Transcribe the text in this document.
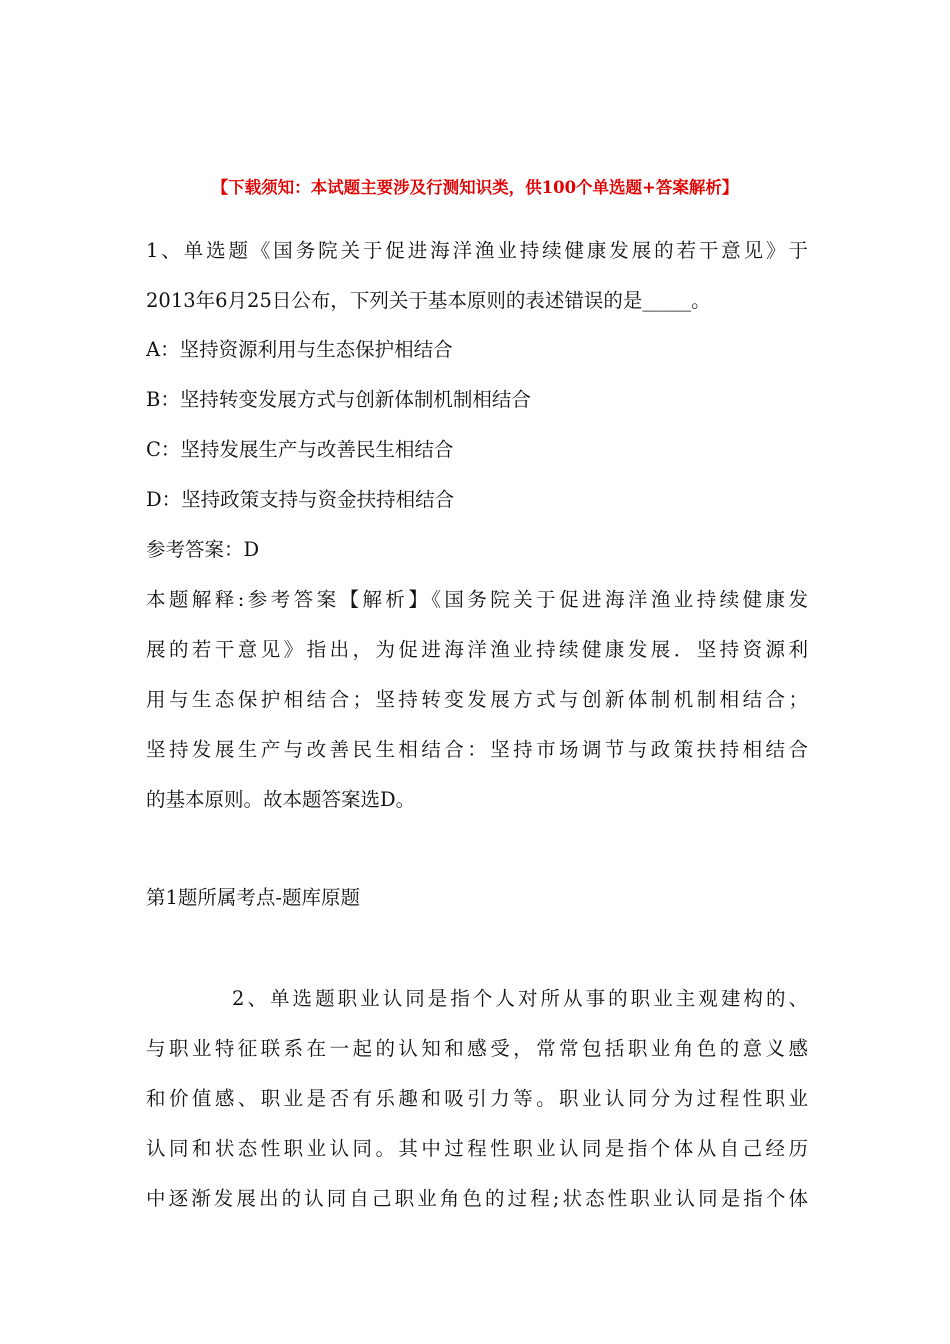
【下载须知：本试题主要涉及行测知识类，供100个单选题+答案解析】
1、单选题《国务院关于促进海洋渔业持续健康发展的若干意见》于
2013年6月25日公布，下列关于基本原则的表述错误的是_____。
A：坚持资源利用与生态保护相结合
B：坚持转变发展方式与创新体制机制相结合
C：坚持发展生产与改善民生相结合
D：坚持政策支持与资金扶持相结合
参考答案：D
本题解释:参考答案【解析】《国务院关于促进海洋渔业持续健康发
展的若干意见》指出，为促进海洋渔业持续健康发展．坚持资源利
用与生态保护相结合；坚持转变发展方式与创新体制机制相结合；
坚持发展生产与改善民生相结合：坚持市场调节与政策扶持相结合
的基本原则。故本题答案选D。
第1题所属考点-题库原题
2、单选题职业认同是指个人对所从事的职业主观建构的、
与职业特征联系在一起的认知和感受，常常包括职业角色的意义感
和价值感、职业是否有乐趣和吸引力等。职业认同分为过程性职业
认同和状态性职业认同。其中过程性职业认同是指个体从自己经历
中逐渐发展出的认同自己职业角色的过程;状态性职业认同是指个体
